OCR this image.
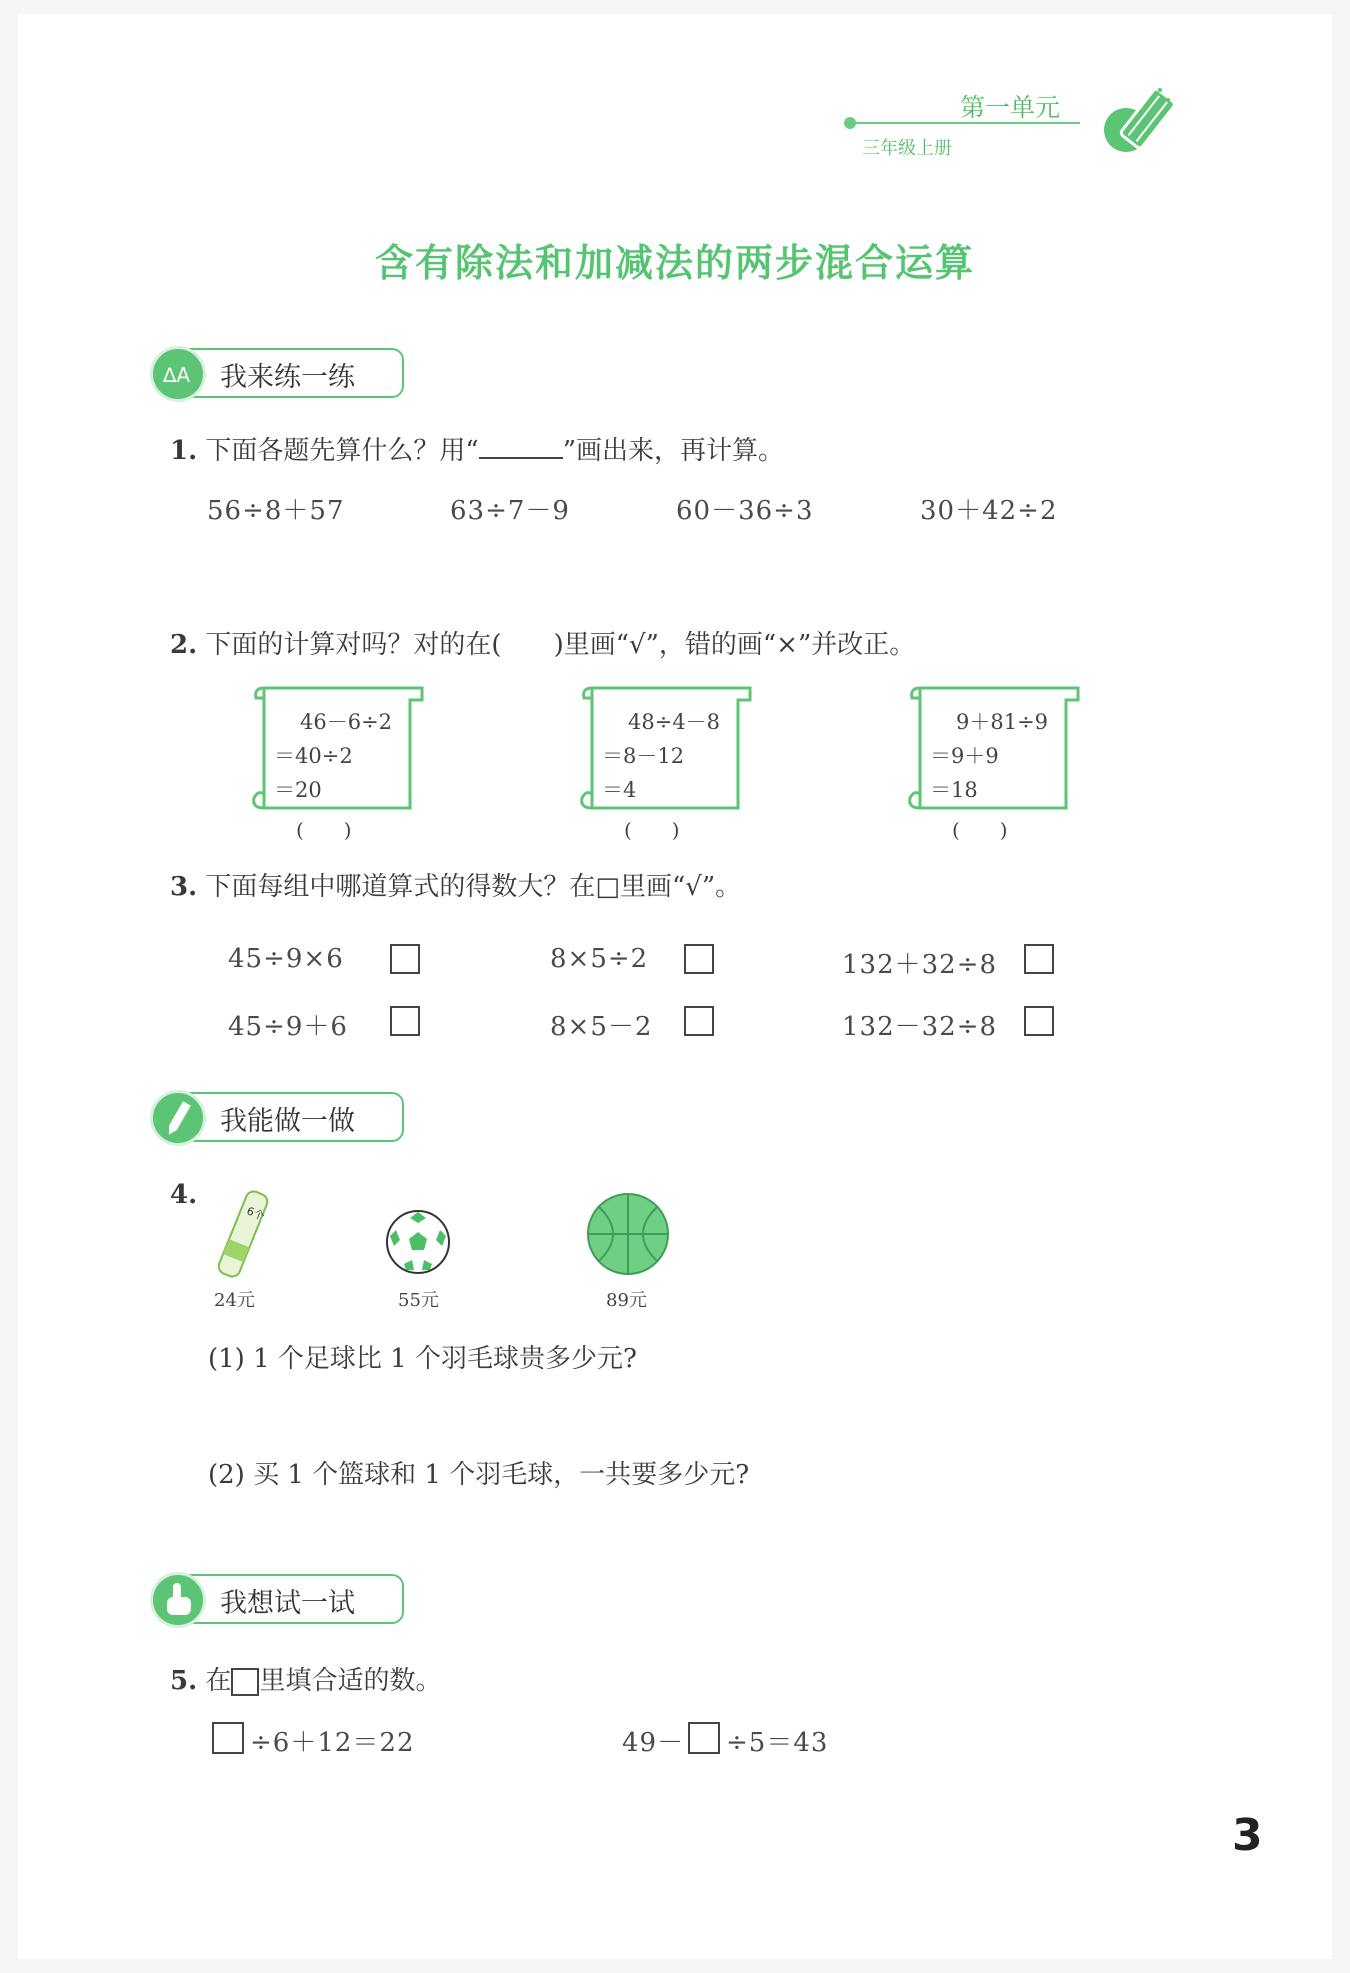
第一单元
三年级上册
含有除法和加减法的两步混合运算
∆A 我来练一练
1. 下面各题先算什么？用“	”画出来，再计算。
56÷8＋57	63÷7－9	60－36÷3	30＋42÷2
2. 下面的计算对吗？对的在(　　)里画“√”，错的画“×”并改正。
46－6÷2
＝40÷2
＝20
(　　)
48÷4－8
＝8－12
＝4
(　　)
9＋81÷9
＝9＋9
＝18
(　　)
3. 下面每组中哪道算式的得数大？在□里画“√”。
45÷9×6
45÷9＋6
8×5÷2
8×5－2
132＋32÷8
132－32÷8
我能做一做
4.
6个
24元	55元	89元
(1) 1 个足球比 1 个羽毛球贵多少元?
(2) 买 1 个篮球和 1 个羽毛球，一共要多少元?
我想试一试
5. 在 里填合适的数。
÷6＋12＝22	49－ ÷5＝43
3
